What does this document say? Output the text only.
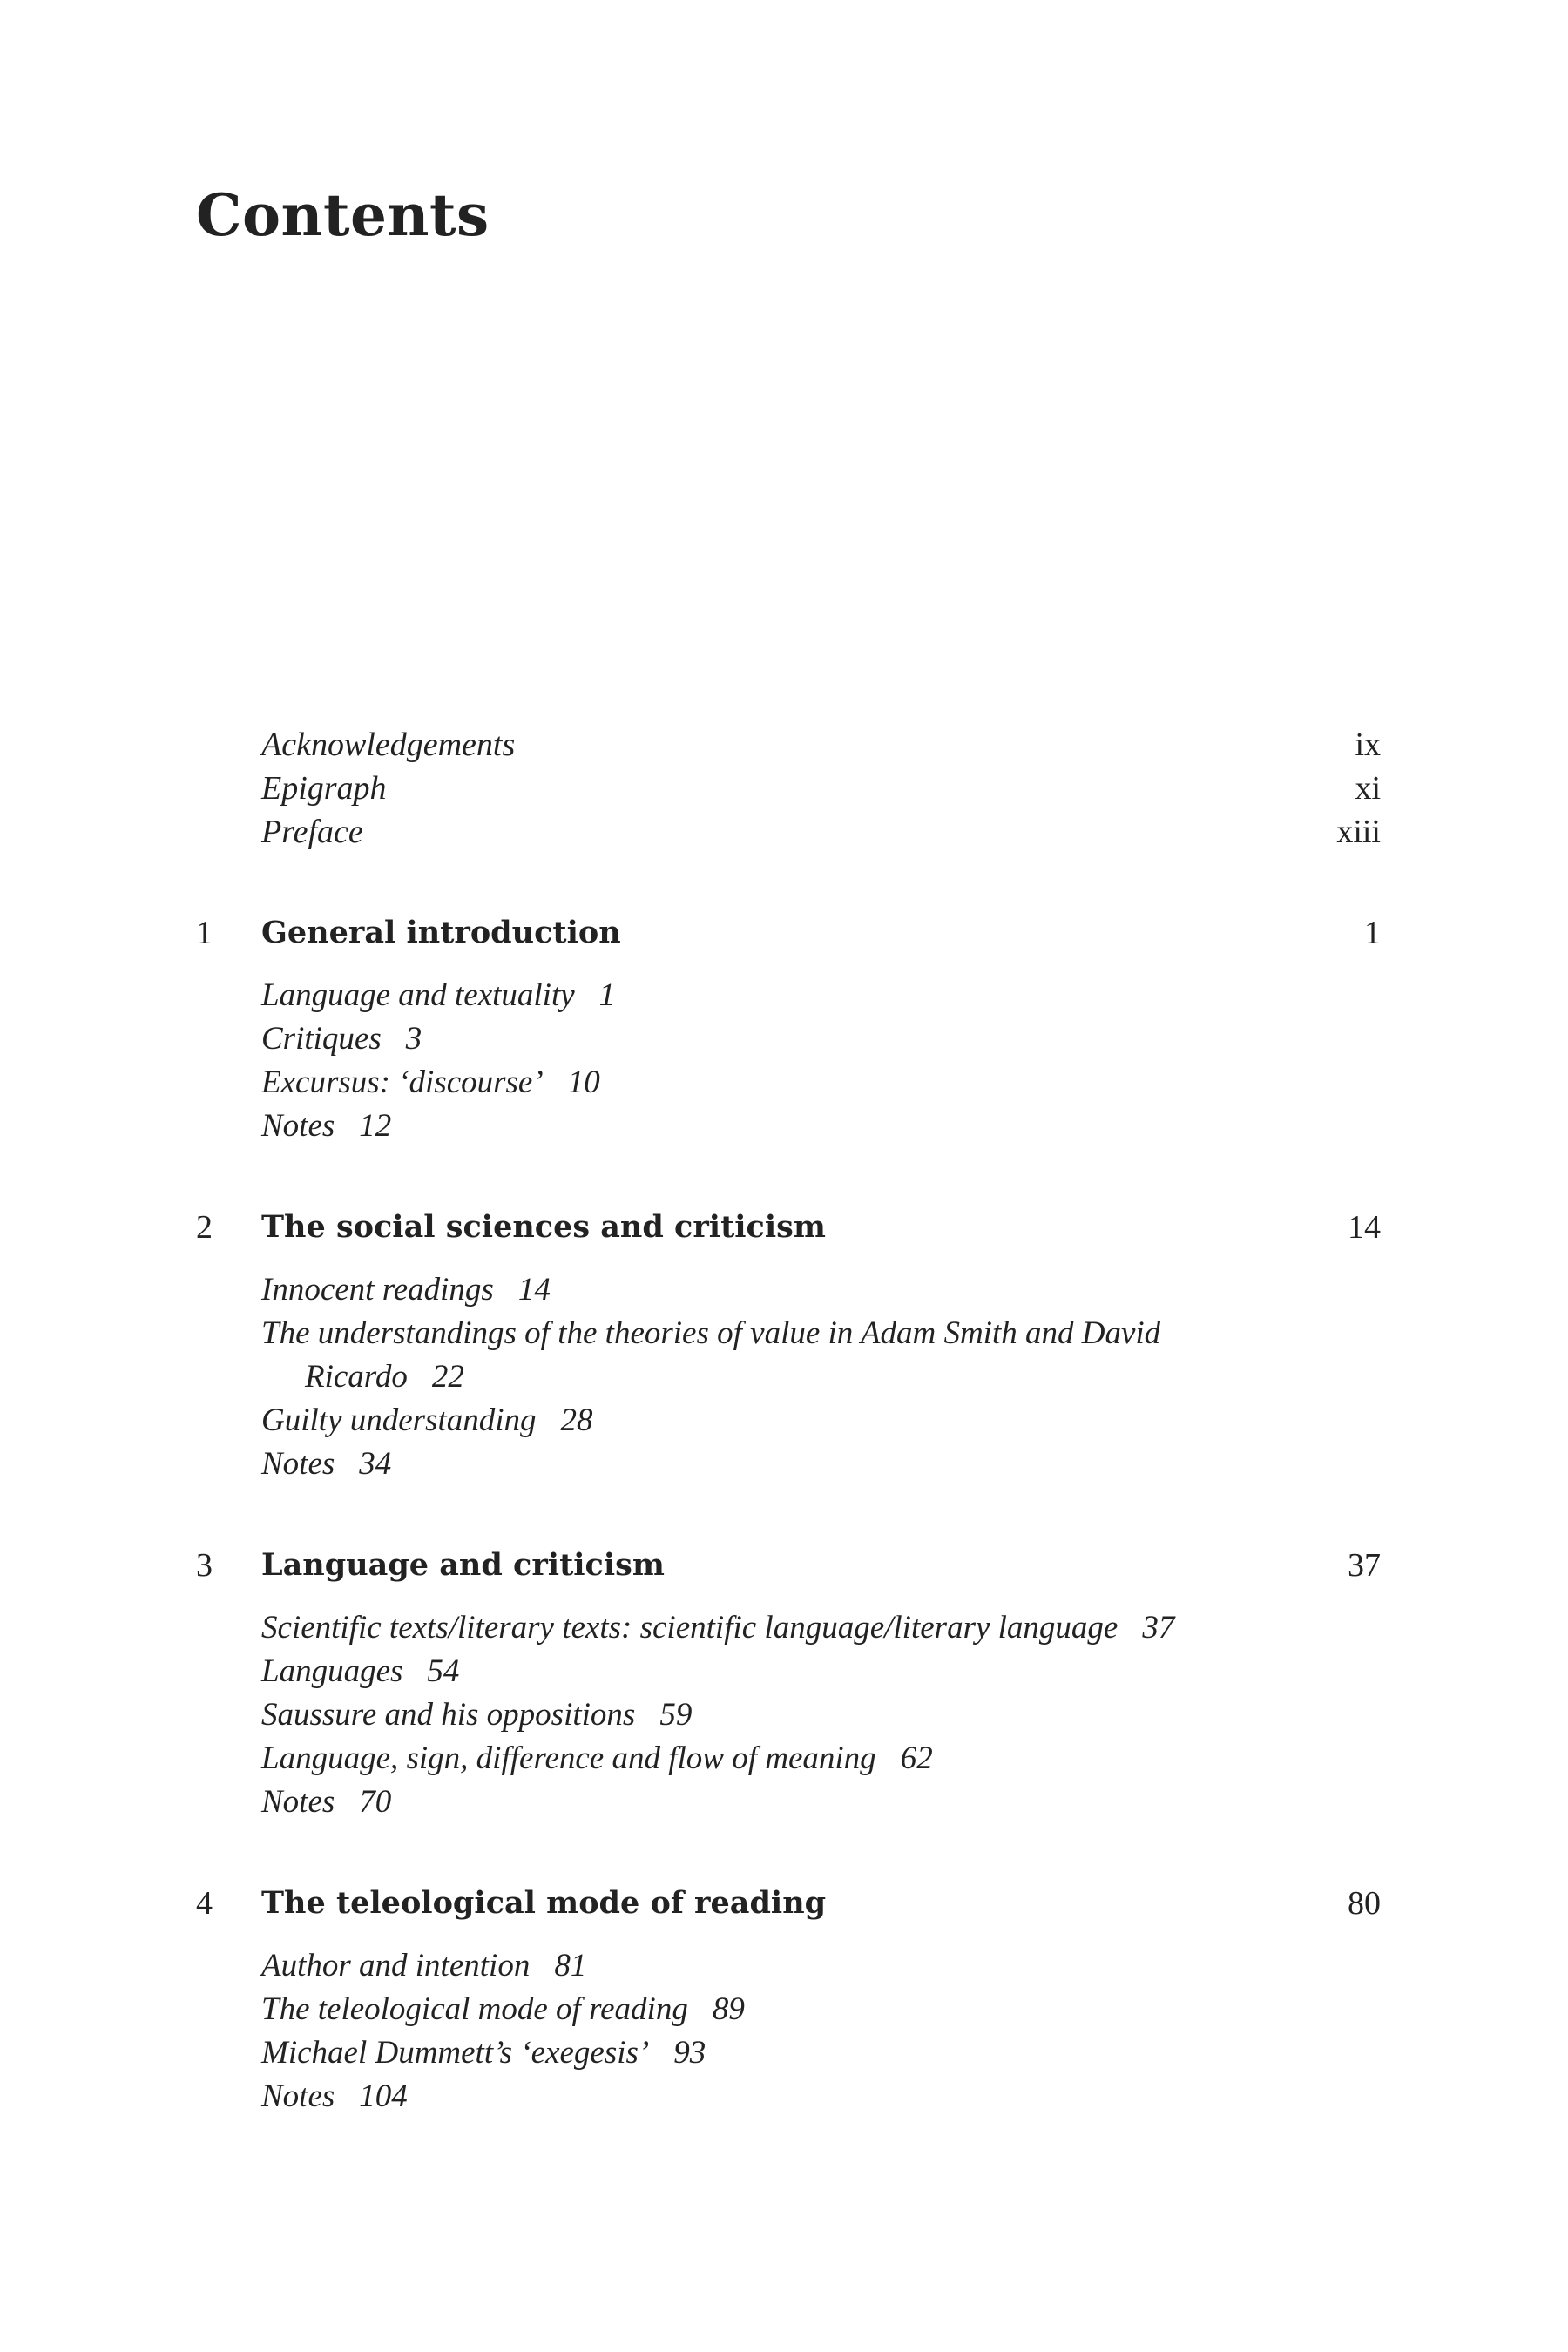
Contents
Acknowledgements	ix
Epigraph	xi
Preface	xiii
1 General introduction	1

Language and textuality 1

Critiques 3

Excursus: ‘discourse’ 10

Notes 12

2 The social sciences and criticism	14

Innocent readings 14

The understandings of the theories of value in Adam Smith and David Ricardo 22

Guilty understanding 28

Notes 34

3 Language and criticism	37

Scientific texts/literary texts: scientific language/literary language 37

Languages 54

Saussure and his oppositions 59

Language, sign, difference and flow of meaning 62

Notes 70

4 The teleological mode of reading	80

Author and intention 81

The teleological mode of reading 89

Michael Dummett’s ‘exegesis’ 93

Notes 104
